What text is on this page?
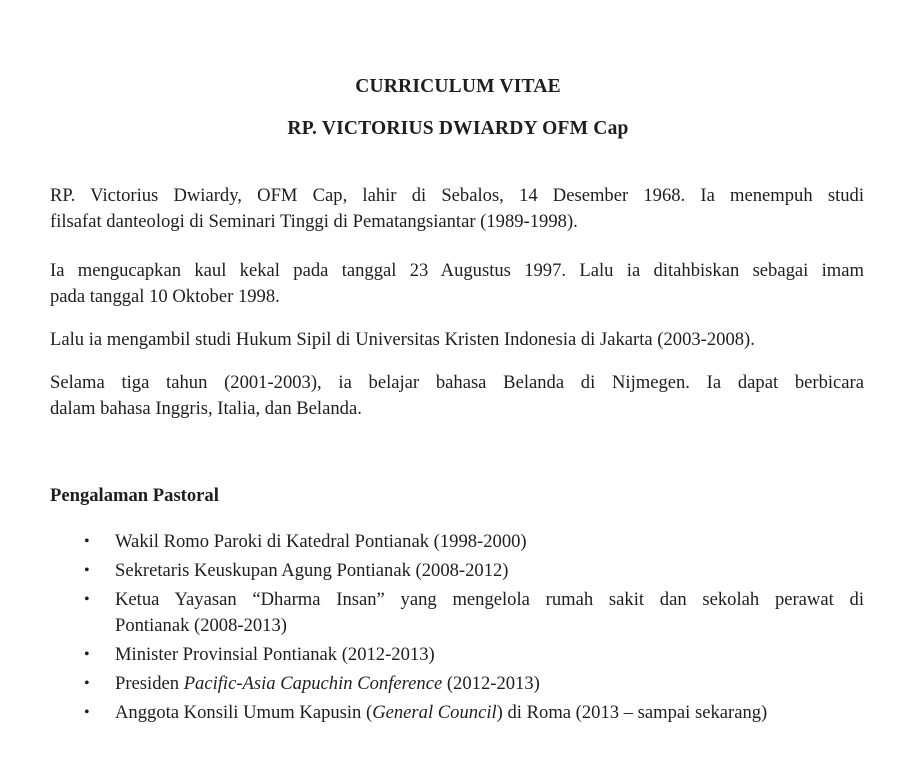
CURRICULUM VITAE
RP. VICTORIUS DWIARDY OFM Cap

RP. Victorius Dwiardy, OFM Cap, lahir di Sebalos, 14 Desember 1968. Ia menempuh studi
filsafat danteologi di Seminari Tinggi di Pematangsiantar (1989-1998).

Ia mengucapkan kaul kekal pada tanggal 23 Augustus 1997. Lalu ia ditahbiskan sebagai imam
pada tanggal 10 Oktober 1998.

Lalu ia mengambil studi Hukum Sipil di Universitas Kristen Indonesia di Jakarta (2003-2008).

Selama tiga tahun (2001-2003), ia belajar bahasa Belanda di Nijmegen. Ia dapat berbicara
dalam bahasa Inggris, Italia, dan Belanda.

Pengalaman Pastoral
• Wakil Romo Paroki di Katedral Pontianak (1998-2000)
• Sekretaris Keuskupan Agung Pontianak (2008-2012)
• Ketua Yayasan “Dharma Insan” yang mengelola rumah sakit dan sekolah perawat di
Pontianak (2008-2013)
• Minister Provinsial Pontianak (2012-2013)
• Presiden Pacific-Asia Capuchin Conference (2012-2013)
• Anggota Konsili Umum Kapusin (General Council) di Roma (2013 – sampai sekarang)
